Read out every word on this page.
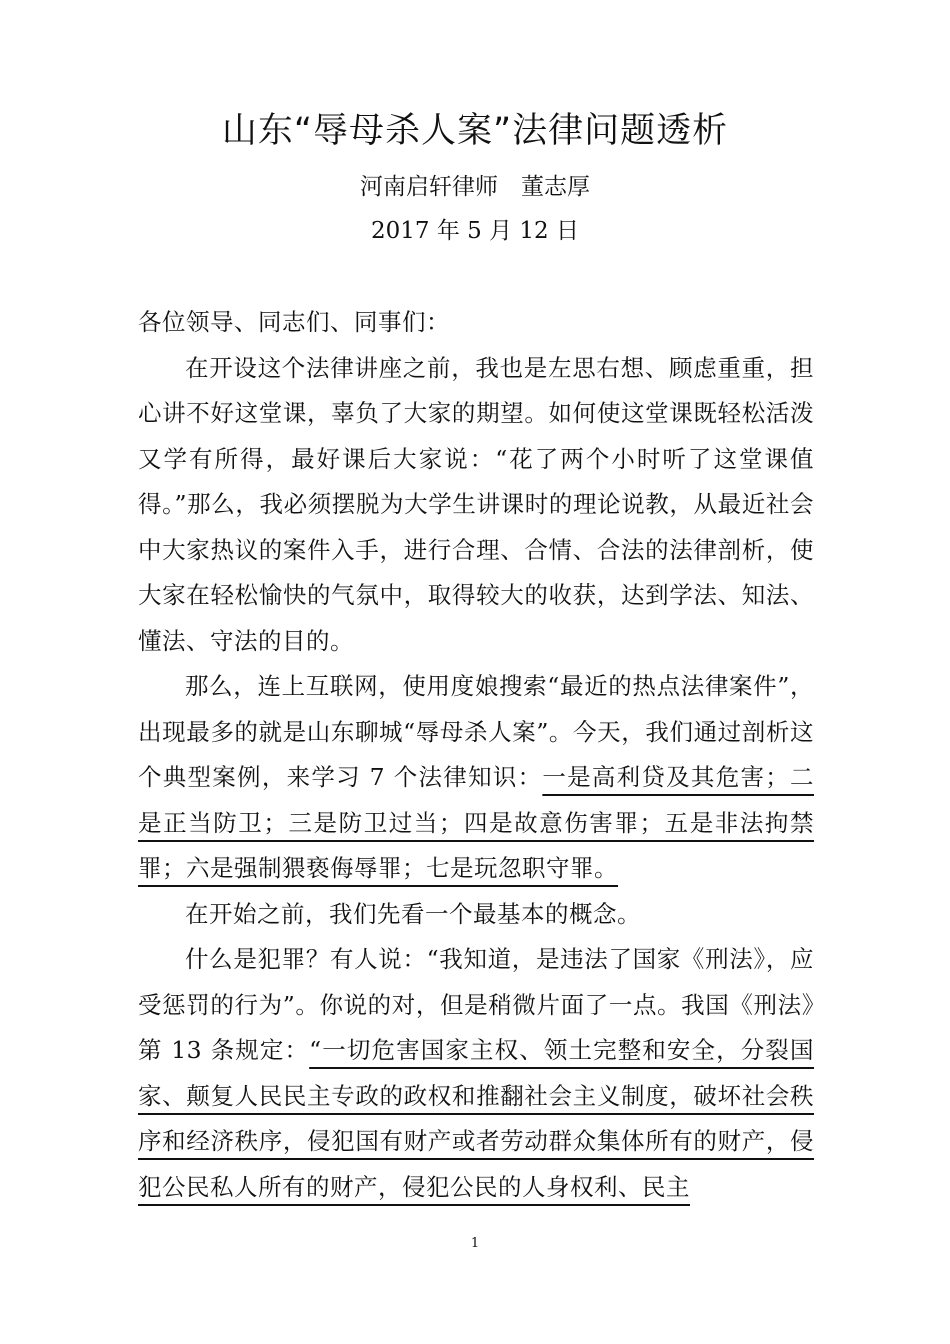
山东“辱母杀人案”法律问题透析
河南启轩律师　董志厚
2017 年 5 月 12 日

各位领导、同志们、同事们：

在开设这个法律讲座之前，我也是左思右想、顾虑重重，担心讲不好这堂课，辜负了大家的期望。如何使这堂课既轻松活泼又学有所得，最好课后大家说：“花了两个小时听了这堂课值得。”那么，我必须摆脱为大学生讲课时的理论说教，从最近社会中大家热议的案件入手，进行合理、合情、合法的法律剖析，使大家在轻松愉快的气氛中，取得较大的收获，达到学法、知法、懂法、守法的目的。

那么，连上互联网，使用度娘搜索“最近的热点法律案件”，出现最多的就是山东聊城“辱母杀人案”。今天，我们通过剖析这个典型案例，来学习 7 个法律知识：一是高利贷及其危害；二是正当防卫；三是防卫过当；四是故意伤害罪；五是非法拘禁罪；六是强制猥亵侮辱罪；七是玩忽职守罪。

在开始之前，我们先看一个最基本的概念。

什么是犯罪？有人说：“我知道，是违法了国家《刑法》，应受惩罚的行为”。你说的对，但是稍微片面了一点。我国《刑法》第 13 条规定：“一切危害国家主权、领土完整和安全，分裂国家、颠复人民民主专政的政权和推翻社会主义制度，破坏社会秩序和经济秩序，侵犯国有财产或者劳动群众集体所有的财产，侵犯公民私人所有的财产，侵犯公民的人身权利、民主

1
